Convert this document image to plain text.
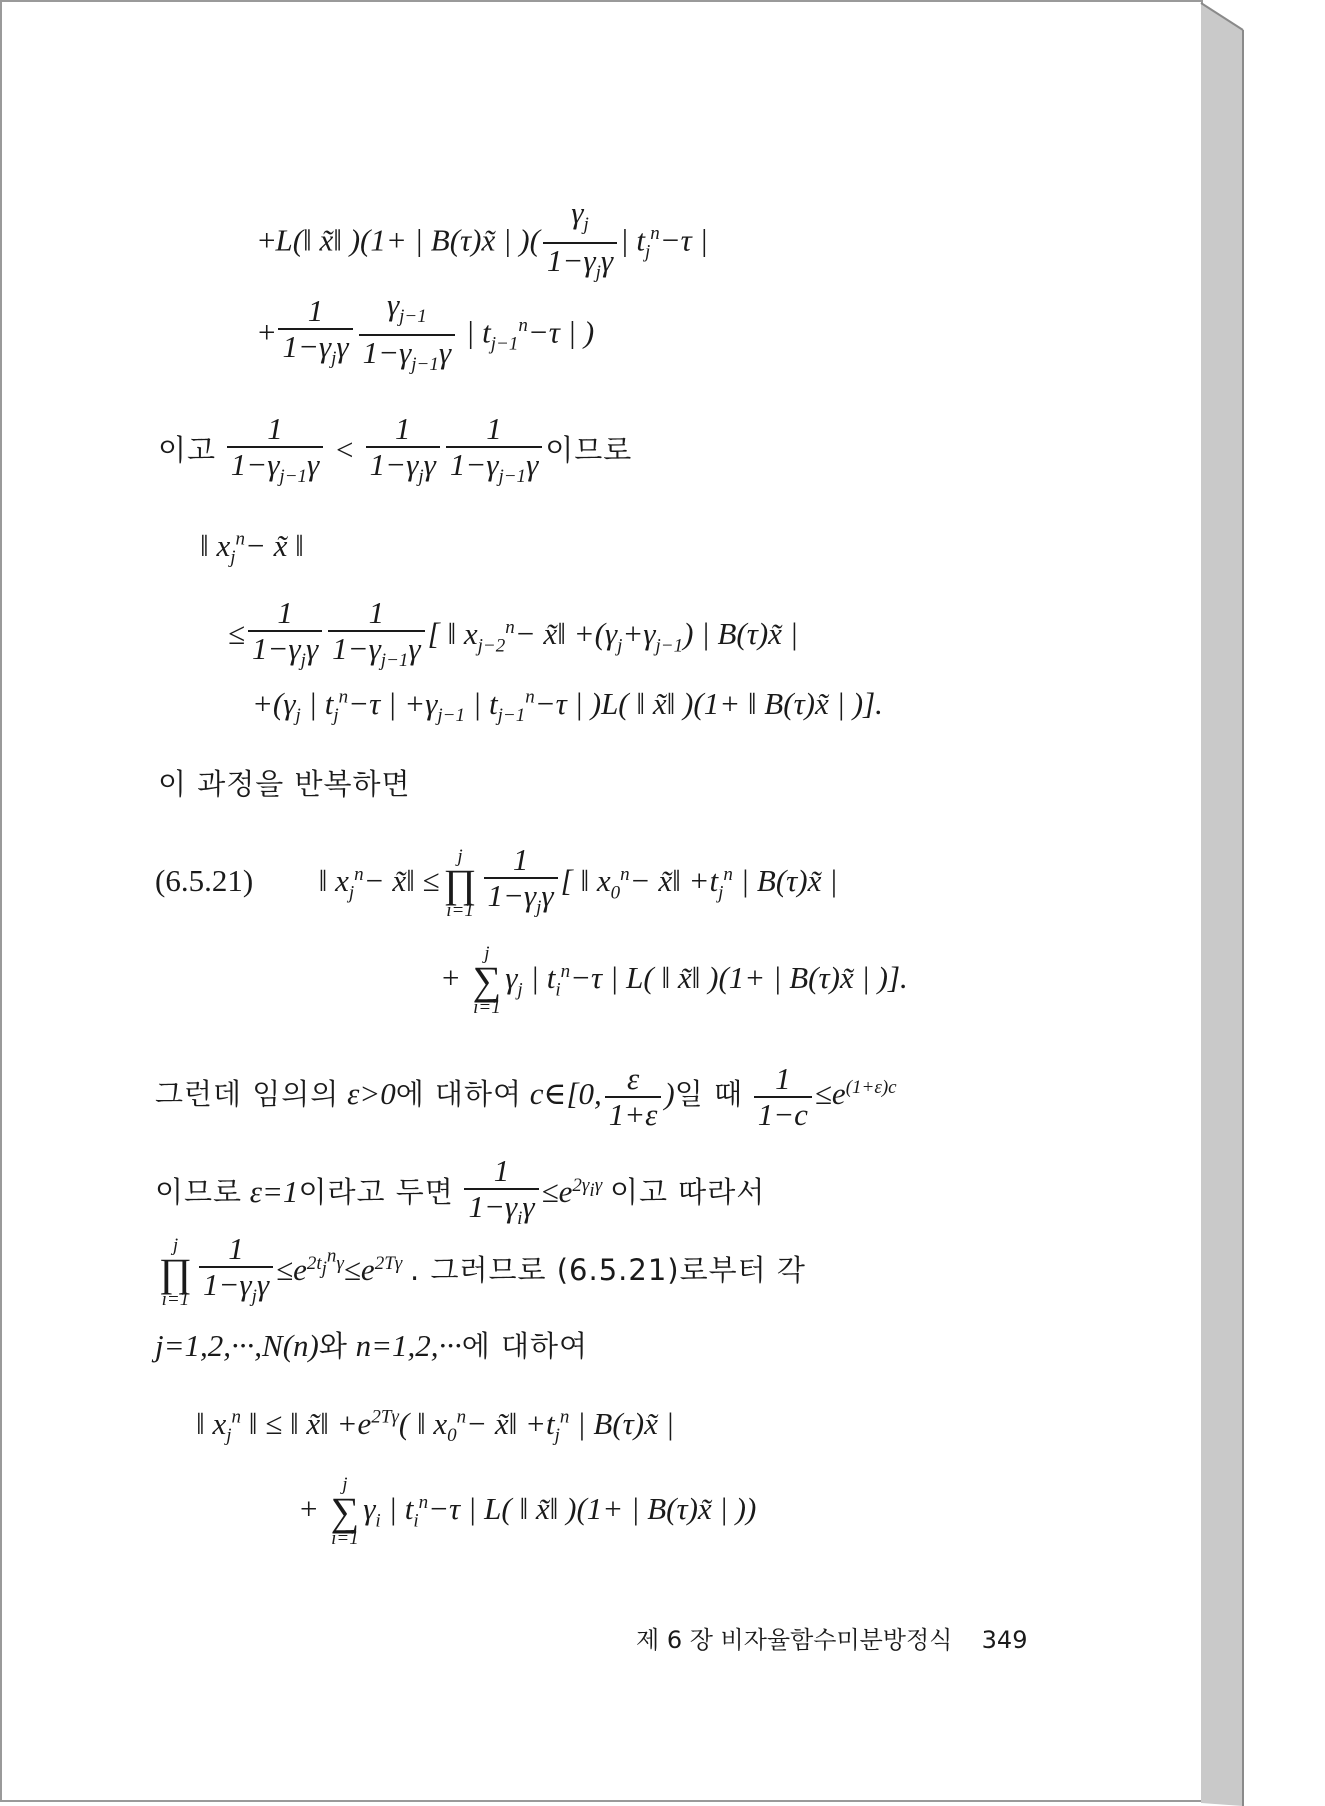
+L(‖ x̃‖ )(1+ | B(τ)x̃ | )( $\frac{\gamma_j}{1-\gamma_j\gamma}$ | $t_j^n-\tau$ |
+ $\frac{1}{1-\gamma_j\gamma} \frac{\gamma_{j-1}}{1-\gamma_{j-1}\gamma}$ | $t_{j-1}^n-\tau$ | )
이고 $\frac{1}{1-\gamma_{j-1}\gamma} < \frac{1}{1-\gamma_j\gamma} \frac{1}{1-\gamma_{j-1}\gamma}$ 이므로
‖ $x_j^n-$ x̃ ‖
≤ $\frac{1}{1-\gamma_j\gamma} \frac{1}{1-\gamma_{j-1}\gamma}$ [ ‖ $x_{j-2}^n-$ x̃‖ $+(\gamma_j+\gamma_{j-1})$ | B(τ)x̃ |
$+(\gamma_j$ | $t_j^n-\tau$ | $+\gamma_{j-1}$ | $t_{j-1}^n-\tau$ | )L( ‖ x̃‖ )(1+ ‖ B(τ)x̃ | )].
이 과정을 반복하면
(6.5.21)  ‖ $x_j^n-$ x̃‖ ≤
j
∏
$i=1 \frac{1}{1-\gamma_j\gamma}$ [ ‖ $x_0^n-$ x̃‖ $+t_j^n$ | B(τ)x̃ |
+
j
∑
i=1
$\gamma_j$ | $t_i^n-\tau$ | L( ‖ x̃‖ )(1+ | B(τ)x̃ | )].
그런데 임의의 ε>0에 대하여 c∈[0, $\frac{\varepsilon}{1+\varepsilon}$ )일 때 $\frac{1}{1-c} \le e^{(1+\varepsilon)c}$
이므로 ε=1이라고 두면 $\frac{1}{1-\gamma_i\gamma} \le e^{2\gamma_i\gamma}$ 이고 따라서
j
∏
$i=1 \frac{1}{1-\gamma_j\gamma} \le e^{2t_j^n\gamma}\le e^{2T\gamma}$ . 그러므로 (6.5.21)로부터 각
j=1,2,···,N(n)와 n=1,2,···에 대하여
‖ $x_j^n$ ‖ ≤ ‖ x̃‖ $+e^{2T\gamma}$( ‖ $x_0^n-$ x̃‖ $+t_j^n$ | B(τ)x̃ |
+
j
∑
i=1
$\gamma_i$ | $t_i^n-\tau$ | L( ‖ x̃‖ )(1+ | B(τ)x̃ | ))
제 6 장 비자율함수미분방정식 349
